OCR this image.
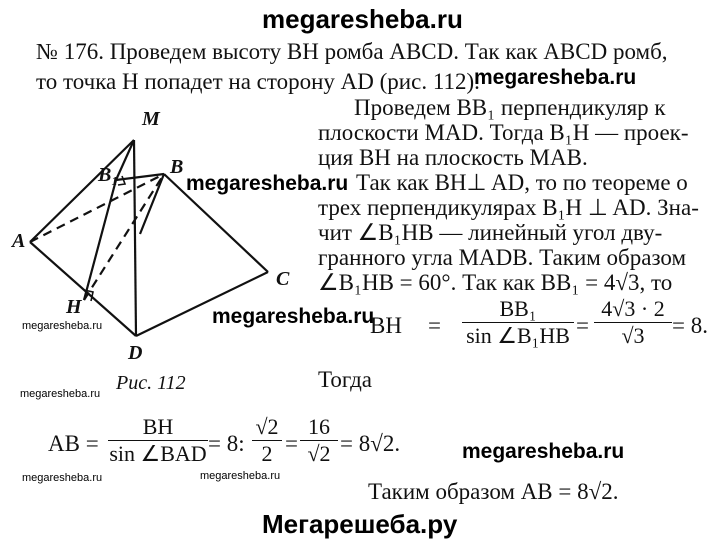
megaresheba.ru
megaresheba.ru
megaresheba.ru
megaresheba.ru
megaresheba.ru
megaresheba.ru
megaresheba.ru
megaresheba.ru	megaresheba.ru
Мегарешеба.ру
№ 176. Проведем высоту BH ромба ABCD. Так как ABCD ромб,
то точка H попадет на сторону AD (рис. 112).
Проведем BB₁ перпендикуляр к
плоскости MAD. Тогда B₁H — проек-
ция BH на плоскость MAB.
Так как BH⊥ AD, то по теореме о
трех перпендикулярах B₁H ⊥ AD. Зна-
чит ∠B₁HB — линейный угол дву-
гранного угла MADB. Таким образом
∠B₁HB = 60°. Так как BB₁ = 4√3, то
BH = $\frac{\text{BB₁}}{\text{sin ∠B₁HB}} = \frac{4√3 \cdot 2}{√3} = 8$.
Тогда
AB =
BH
sin ∠BAD = 8: $\frac{√2}{2} = \frac{16}{√2} = 8√2$.
Таким образом AB = 8√2.
M
B
B₁
A
C
H
D
Рис. 112
